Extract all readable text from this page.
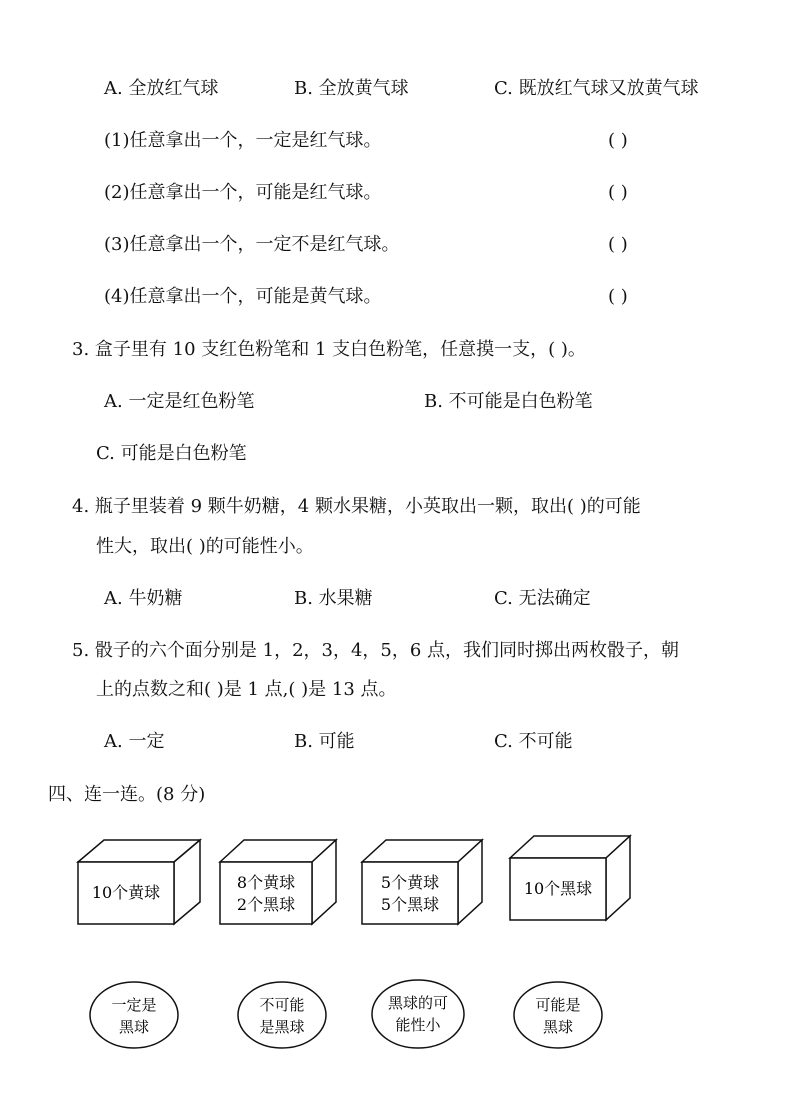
A. 全放红气球	B. 全放黄气球	C. 既放红气球又放黄气球
(1)任意拿出一个，一定是红气球。	( )
(2)任意拿出一个，可能是红气球。	( )
(3)任意拿出一个，一定不是红气球。	( )
(4)任意拿出一个，可能是黄气球。	( )
3. 盒子里有 10 支红色粉笔和 1 支白色粉笔，任意摸一支，( )。
A. 一定是红色粉笔	B. 不可能是白色粉笔
C. 可能是白色粉笔
4. 瓶子里装着 9 颗牛奶糖，4 颗水果糖，小英取出一颗，取出( )的可能
性大，取出( )的可能性小。
A. 牛奶糖	B. 水果糖	C. 无法确定
5. 骰子的六个面分别是 1，2，3，4，5，6 点，我们同时掷出两枚骰子，朝
上的点数之和( )是 1 点,( )是 13 点。
A. 一定	B. 可能	C. 不可能
四、连一连。(8 分)
10个黄球
8个黄球
2个黑球
5个黄球
5个黑球
10个黑球
一定是
黑球
不可能
是黑球
黑球的可
能性小
可能是
黑球
